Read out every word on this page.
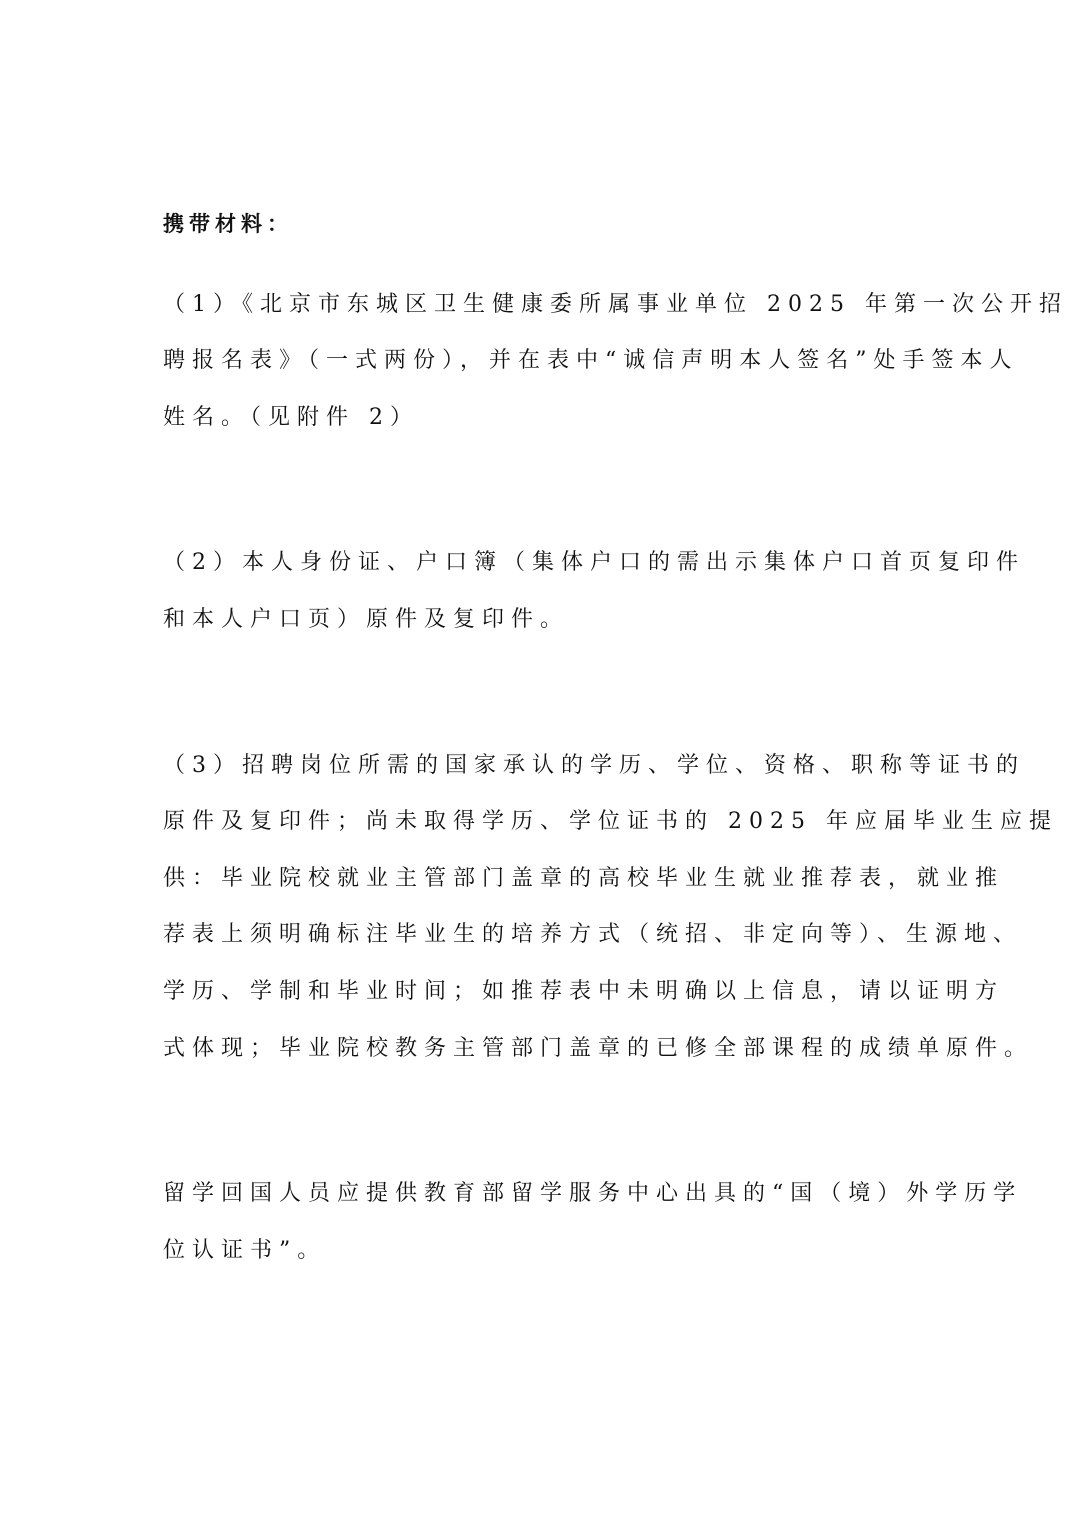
携带材料：
（1）《北京市东城区卫生健康委所属事业单位 2025 年第一次公开招
聘报名表》（一式两份），并在表中“诚信声明本人签名”处手签本人
姓名。（见附件 2）
（2）本人身份证、户口簿（集体户口的需出示集体户口首页复印件
和本人户口页）原件及复印件。
（3）招聘岗位所需的国家承认的学历、学位、资格、职称等证书的
原件及复印件；尚未取得学历、学位证书的 2025 年应届毕业生应提
供：毕业院校就业主管部门盖章的高校毕业生就业推荐表，就业推
荐表上须明确标注毕业生的培养方式（统招、非定向等）、生源地、
学历、学制和毕业时间；如推荐表中未明确以上信息，请以证明方
式体现；毕业院校教务主管部门盖章的已修全部课程的成绩单原件。
留学回国人员应提供教育部留学服务中心出具的“国（境）外学历学
位认证书”。
